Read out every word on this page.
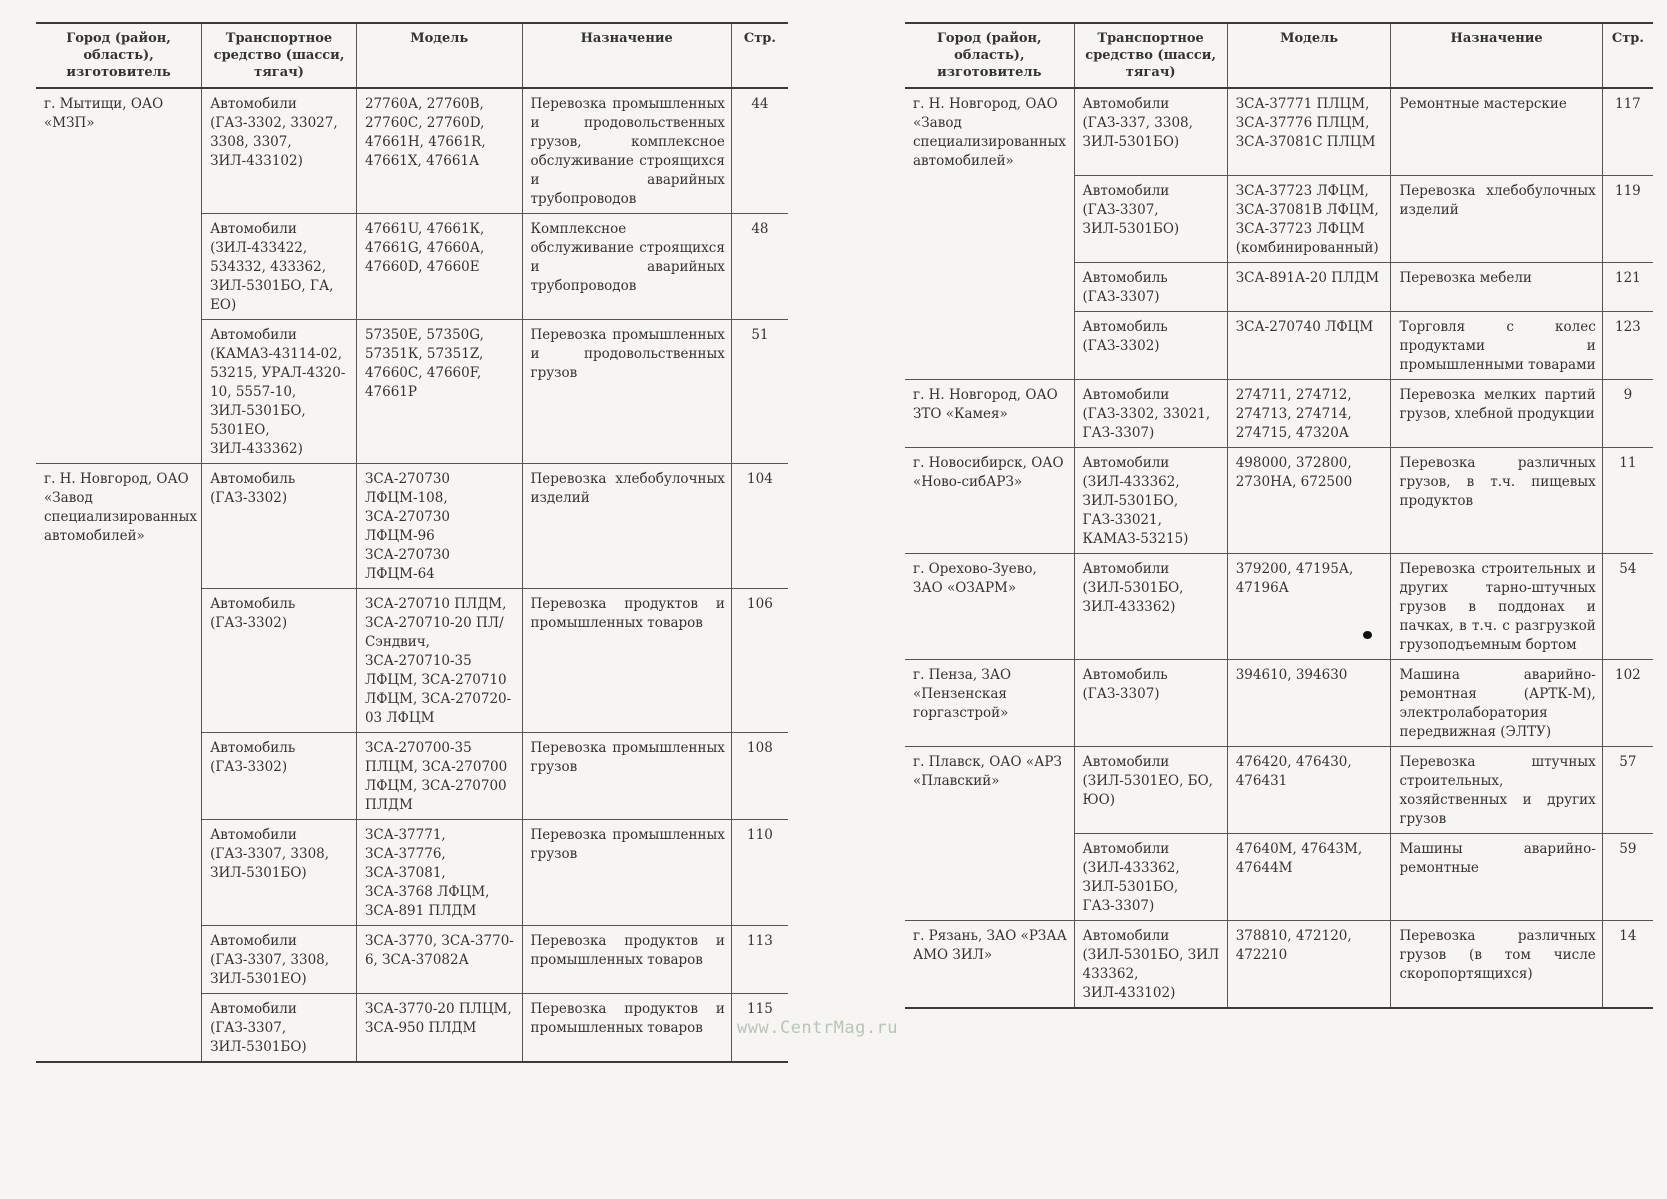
Город (район, область), изготовитель	Транспортное средство (шасси, тягач)	Модель	Назначение	Стр.
г. Мытищи, ОАО «МЗП»	Автомобили (ГАЗ-3302, 33027, 3308, 3307, ЗИЛ-433102)	27760А, 27760В, 27760С, 27760D, 47661Н, 47661R, 47661Х, 47661А	Перевозка промышленных и продовольственных грузов, комплексное обслуживание строящихся и аварийных трубопроводов	44
	Автомобили (ЗИЛ-433422, 534332, 433362, ЗИЛ-5301БО, ГА, ЕО)	47661U, 47661К, 47661G, 47660А, 47660D, 47660Е	Комплексное обслуживание строящихся и аварийных трубопроводов	48
	Автомобили (КАМАЗ-43114-02, 53215, УРАЛ-4320-10, 5557-10, ЗИЛ-5301БО, 5301ЕО, ЗИЛ-433362)	57350Е, 57350G, 57351К, 57351Z, 47660С, 47660F, 47661Р	Перевозка промышленных и продовольственных грузов	51
г. Н. Новгород, ОАО «Завод специализированных автомобилей»	Автомобиль (ГАЗ-3302)	ЗСА-270730 ЛФЦМ-108, ЗСА-270730 ЛФЦМ-96 ЗСА-270730 ЛФЦМ-64	Перевозка хлебобулочных изделий	104
	Автомобиль (ГАЗ-3302)	ЗСА-270710 ПЛДМ, ЗСА-270710-20 ПЛ/Сэндвич, ЗСА-270710-35 ЛФЦМ, ЗСА-270710 ЛФЦМ, ЗСА-270720-03 ЛФЦМ	Перевозка продуктов и промышленных товаров	106
	Автомобиль (ГАЗ-3302)	ЗСА-270700-35 ПЛЦМ, ЗСА-270700 ЛФЦМ, ЗСА-270700 ПЛДМ	Перевозка промышленных грузов	108
	Автомобили (ГАЗ-3307, 3308, ЗИЛ-5301БО)	ЗСА-37771, ЗСА-37776, ЗСА-37081, ЗСА-3768 ЛФЦМ, ЗСА-891 ПЛДМ	Перевозка промышленных грузов	110
	Автомобили (ГАЗ-3307, 3308, ЗИЛ-5301ЕО)	ЗСА-3770, ЗСА-3770-6, ЗСА-37082А	Перевозка продуктов и промышленных товаров	113
	Автомобили (ГАЗ-3307, ЗИЛ-5301БО)	ЗСА-3770-20 ПЛЦМ, ЗСА-950 ПЛДМ	Перевозка продуктов и промышленных товаров	115
Город (район, область), изготовитель	Транспортное средство (шасси, тягач)	Модель	Назначение	Стр.
г. Н. Новгород, ОАО «Завод специализированных автомобилей»	Автомобили (ГАЗ-337, 3308, ЗИЛ-5301БО)	ЗСА-37771 ПЛЦМ, ЗСА-37776 ПЛЦМ, ЗСА-37081С ПЛЦМ	Ремонтные мастерские	117
	Автомобили (ГАЗ-3307, ЗИЛ-5301БО)	ЗСА-37723 ЛФЦМ, ЗСА-37081В ЛФЦМ, ЗСА-37723 ЛФЦМ (комбинированный)	Перевозка хлебобулочных изделий	119
	Автомобиль (ГАЗ-3307)	ЗСА-891А-20 ПЛДМ	Перевозка мебели	121
	Автомобиль (ГАЗ-3302)	ЗСА-270740 ЛФЦМ	Торговля с колес продуктами и промышленными товарами	123
г. Н. Новгород, ОАО ЗТО «Камея»	Автомобили (ГАЗ-3302, 33021, ГАЗ-3307)	274711, 274712, 274713, 274714, 274715, 47320А	Перевозка мелких партий грузов, хлебной продукции	9
г. Новосибирск, ОАО «Ново-сибАРЗ»	Автомобили (ЗИЛ-433362, ЗИЛ-5301БО, ГАЗ-33021, КАМАЗ-53215)	498000, 372800, 2730НА, 672500	Перевозка различных грузов, в т.ч. пищевых продуктов	11
г. Орехово-Зуево, ЗАО «ОЗАРМ»	Автомобили (ЗИЛ-5301БО, ЗИЛ-433362)	379200, 47195А, 47196А	Перевозка строительных и других тарно-штучных грузов в поддонах и пачках, в т.ч. с разгрузкой грузоподъемным бортом	54
г. Пенза, ЗАО «Пензенская горгазстрой»	Автомобиль (ГАЗ-3307)	394610, 394630	Машина аварийно-ремонтная (АРТК-М), электролаборатория передвижная (ЭЛТУ)	102
г. Плавск, ОАО «АРЗ «Плавский»	Автомобили (ЗИЛ-5301ЕО, БО, ЮО)	476420, 476430, 476431	Перевозка штучных строительных, хозяйственных и других грузов	57
	Автомобили (ЗИЛ-433362, ЗИЛ-5301БО, ГАЗ-3307)	47640М, 47643М, 47644М	Машины аварийно-ремонтные	59
г. Рязань, ЗАО «РЗАА АМО ЗИЛ»	Автомобили (ЗИЛ-5301БО, ЗИЛ 433362, ЗИЛ-433102)	378810, 472120, 472210	Перевозка различных грузов (в том числе скоропортящихся)	14
www.CentrMag.ru
